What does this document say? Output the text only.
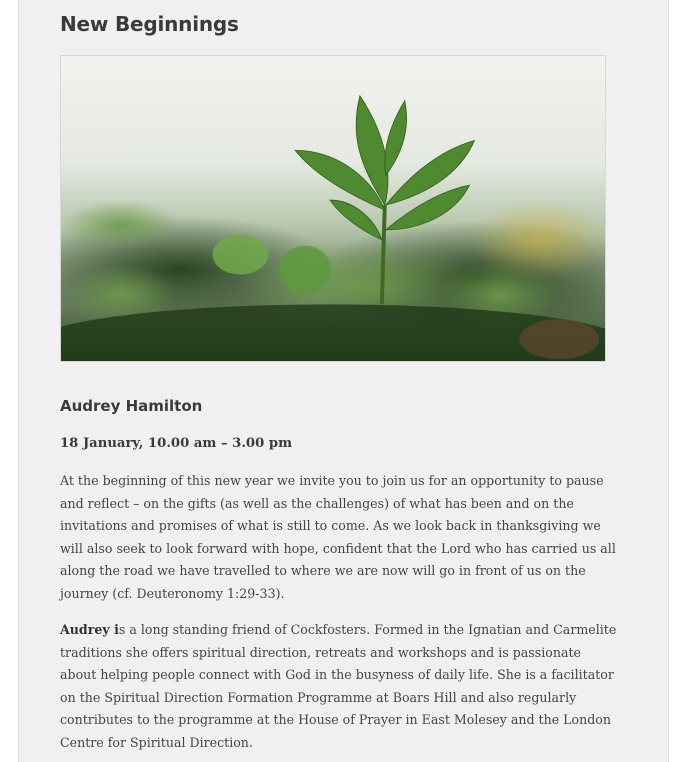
New Beginnings
Audrey Hamilton

18 January, 10.00 am – 3.00 pm

At the beginning of this new year we invite you to join us for an opportunity to pause and reflect – on the gifts (as well as the challenges) of what has been and on the invitations and promises of what is still to come. As we look back in thanksgiving we will also seek to look forward with hope, confident that the Lord who has carried us all along the road we have travelled to where we are now will go in front of us on the journey (cf. Deuteronomy 1:29-33).

Audrey is a long standing friend of Cockfosters. Formed in the Ignatian and Carmelite traditions she offers spiritual direction, retreats and workshops and is passionate about helping people connect with God in the busyness of daily life. She is a facilitator on the Spiritual Direction Formation Programme at Boars Hill and also regularly contributes to the programme at the House of Prayer in East Molesey and the London Centre for Spiritual Direction.
